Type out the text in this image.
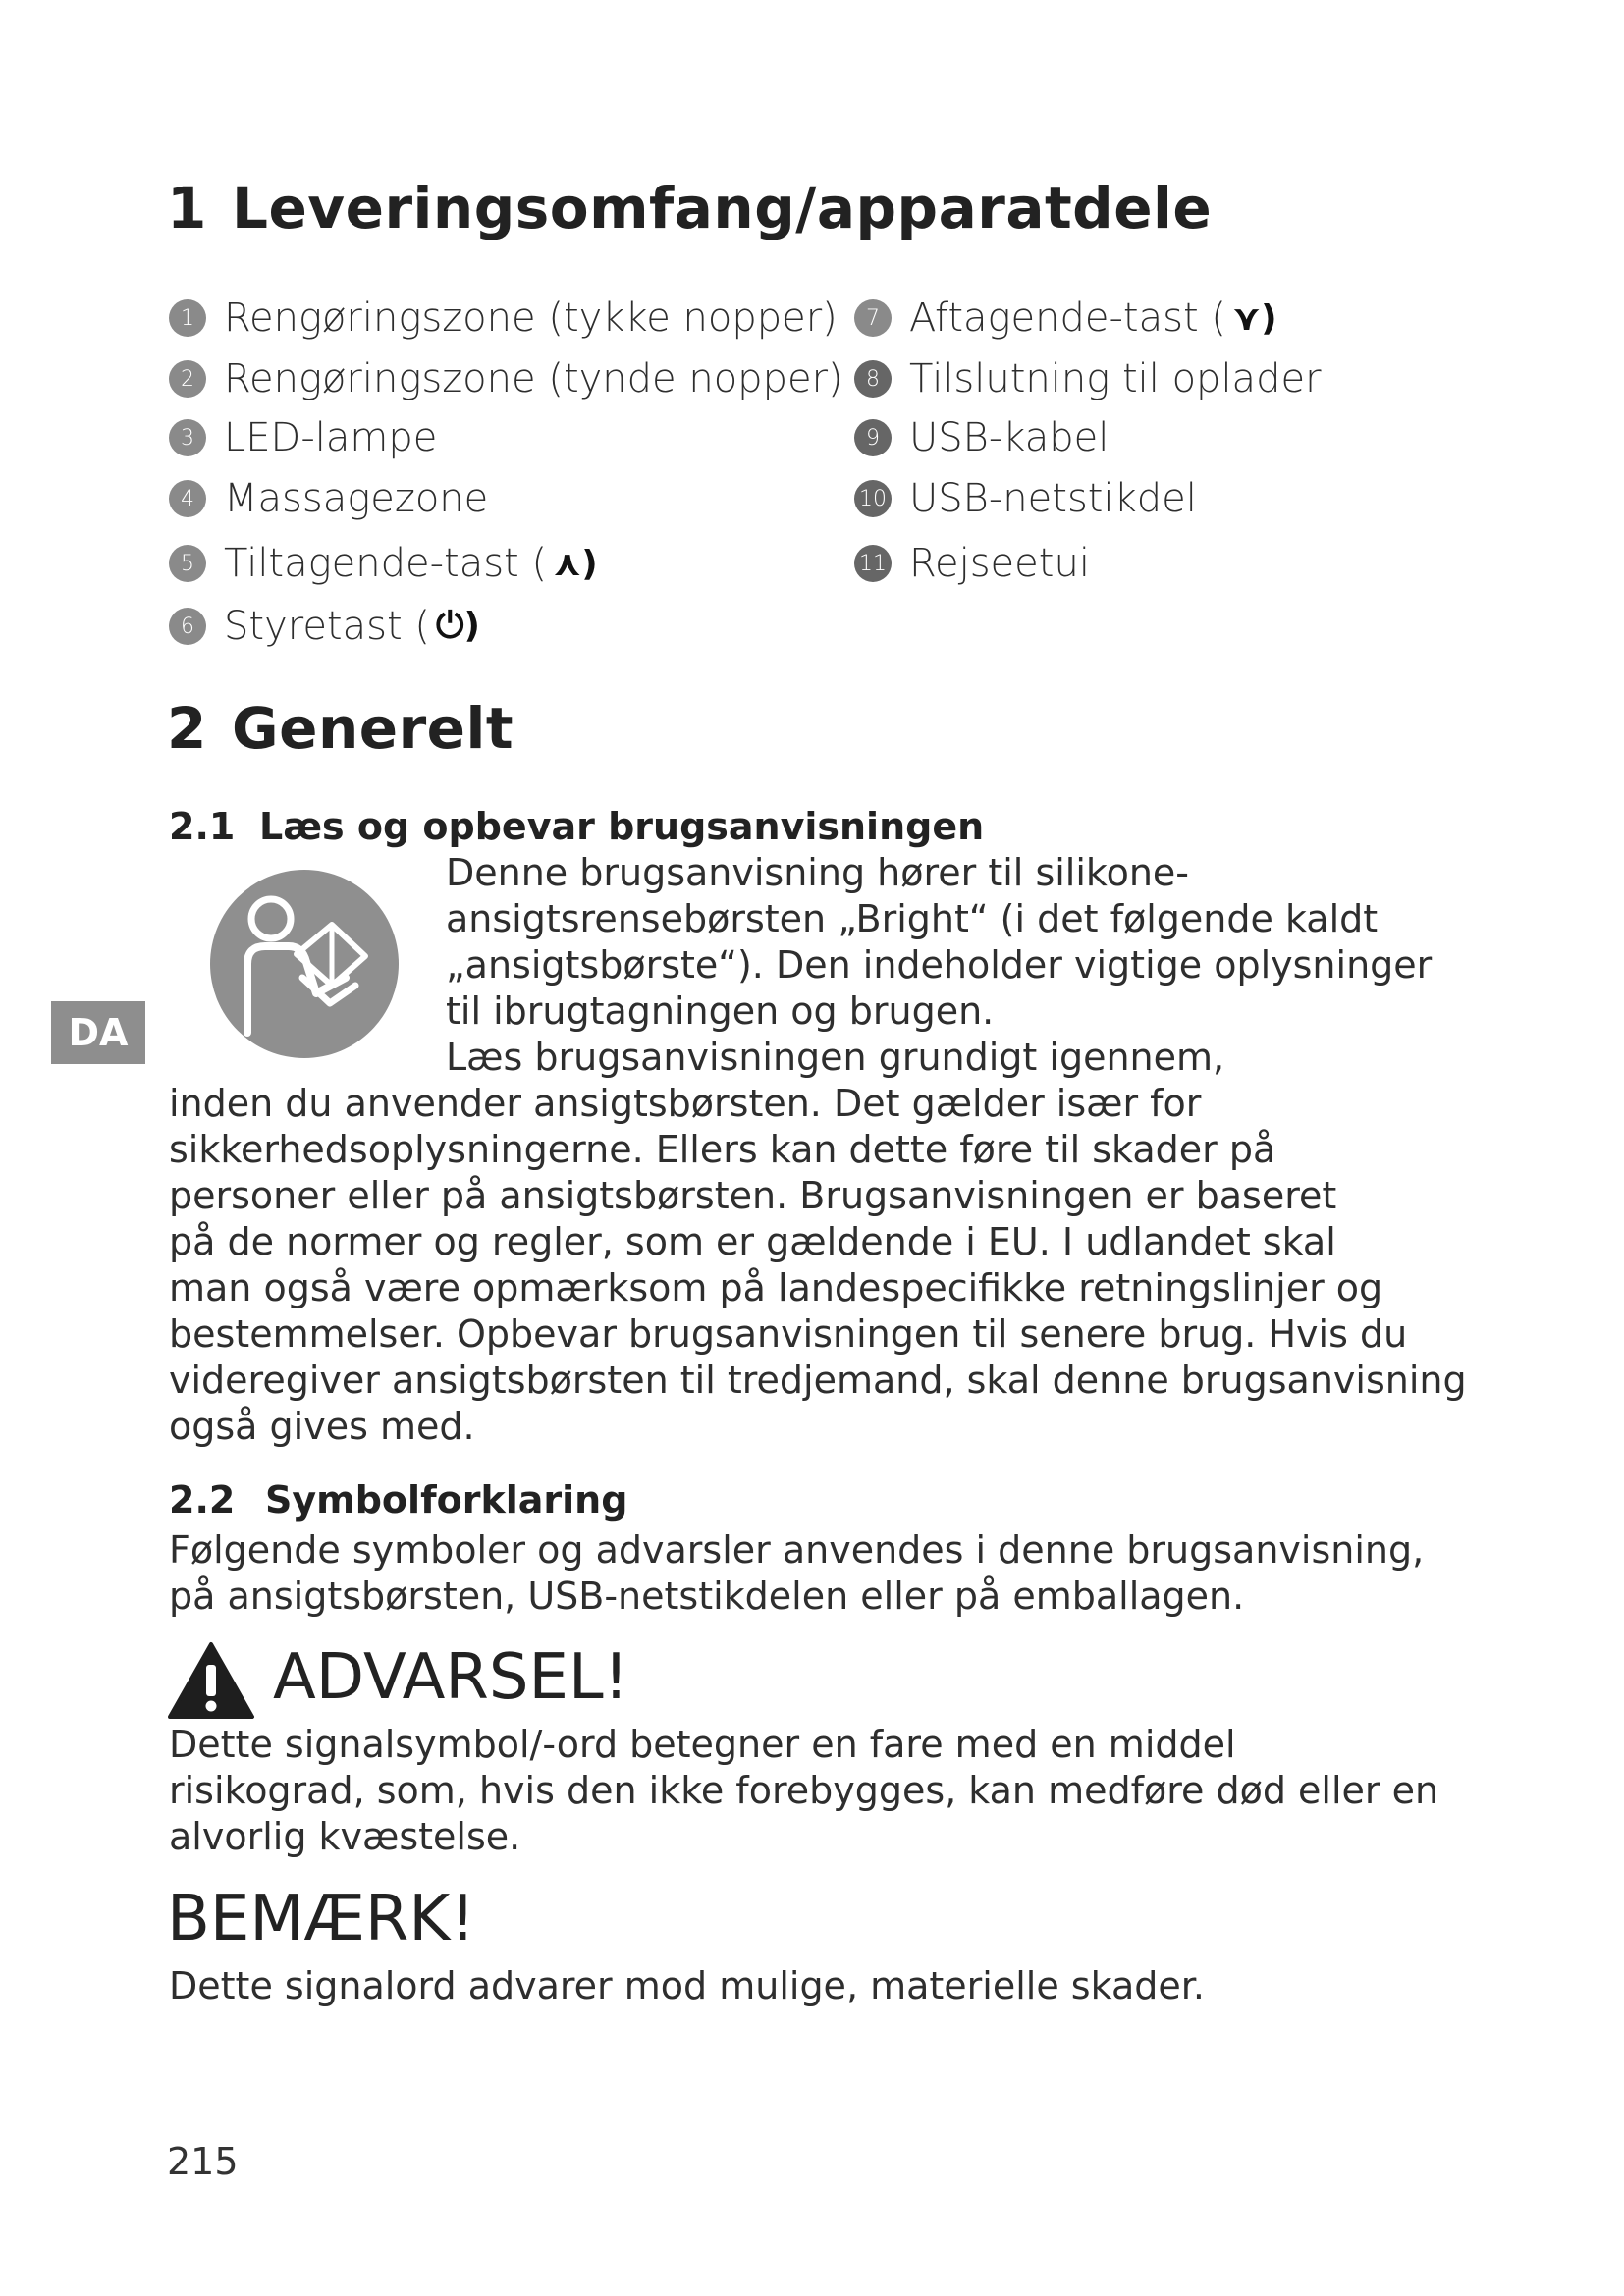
1 Leveringsomfang/apparatdele
1 Rengøringszone (tykke nopper)
2 Rengøringszone (tynde nopper)
3 LED-lampe
4 Massagezone
5 Tiltagende-tast ( ⋏)
6 Styretast ( ⏻)
7 Aftagende-tast ( ⋎)
8 Tilslutning til oplader
9 USB-kabel
10 USB-netstikdel
11 Rejseetui
2 Generelt
2.1 Læs og opbevar brugsanvisningen
DA
Denne brugsanvisning hører til silikone-
ansigtsrensebørsten „Bright“ (i det følgende kaldt
„ansigtsbørste“). Den indeholder vigtige oplysninger
til ibrugtagningen og brugen.
Læs brugsanvisningen grundigt igennem,
inden du anvender ansigtsbørsten. Det gælder især for
sikkerhedsoplysningerne. Ellers kan dette føre til skader på
personer eller på ansigtsbørsten. Brugsanvisningen er baseret
på de normer og regler, som er gældende i EU. I udlandet skal
man også være opmærksom på landespecifikke retningslinjer og
bestemmelser. Opbevar brugsanvisningen til senere brug. Hvis du
videregiver ansigtsbørsten til tredjemand, skal denne brugsanvisning
også gives med.
2.2 Symbolforklaring
Følgende symboler og advarsler anvendes i denne brugsanvisning,
på ansigtsbørsten, USB-netstikdelen eller på emballagen.
ADVARSEL!
Dette signalsymbol/-ord betegner en fare med en middel
risikograd, som, hvis den ikke forebygges, kan medføre død eller en
alvorlig kvæstelse.
BEMÆRK!
Dette signalord advarer mod mulige, materielle skader.
215
